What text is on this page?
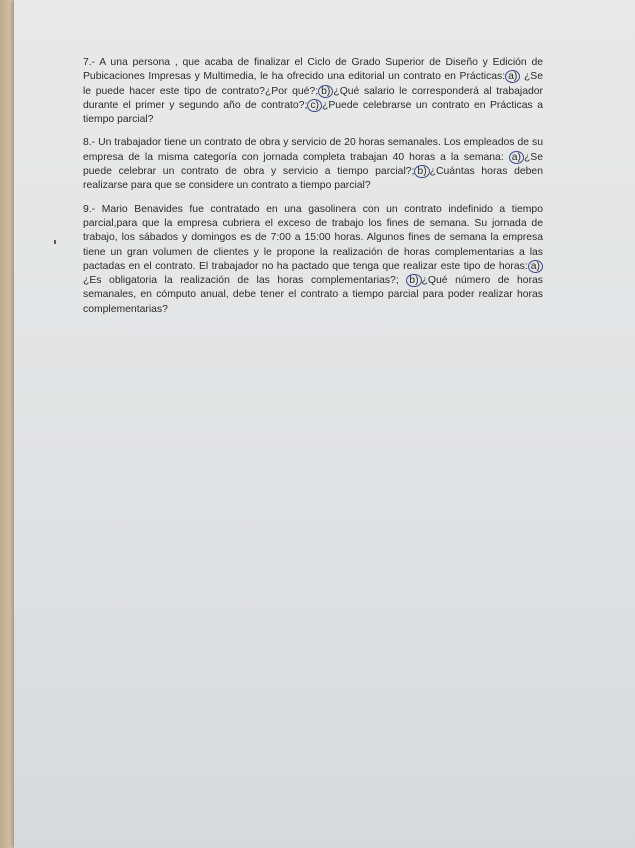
7.- A una persona , que acaba de finalizar el Ciclo de Grado Superior de Diseño y Edición de Pubicaciones Impresas y Multimedia, le ha ofrecido una editorial un contrato en Prácticas: a) ¿Se le puede hacer este tipo de contrato?¿Por qué?; b) ¿Qué salario le corresponderá al trabajador durante el primer y segundo año de contrato?; c) ¿Puede celebrarse un contrato en Prácticas a tiempo parcial?

8.- Un trabajador tiene un contrato de obra y servicio de 20 horas semanales. Los empleados de su empresa de la misma categoría con jornada completa trabajan 40 horas a la semana: a) ¿Se puede celebrar un contrato de obra y servicio a tiempo parcial?; b) ¿Cuántas horas deben realizarse para que se considere un contrato a tiempo parcial?

9.- Mario Benavides fue contratado en una gasolinera con un contrato indefinido a tiempo parcial,para que la empresa cubriera el exceso de trabajo los fines de semana. Su jornada de trabajo, los sábados y domingos es de 7:00 a 15:00 horas. Algunos fines de semana la empresa tiene un gran volumen de clientes y le propone la realización de horas complementarias a las pactadas en el contrato. El trabajador no ha pactado que tenga que realizar este tipo de horas: a)¿Es obligatoria la realización de las horas complementarias?; b) ¿Qué número de horas semanales, en cómputo anual, debe tener el contrato a tiempo parcial para poder realizar horas complementarias?
